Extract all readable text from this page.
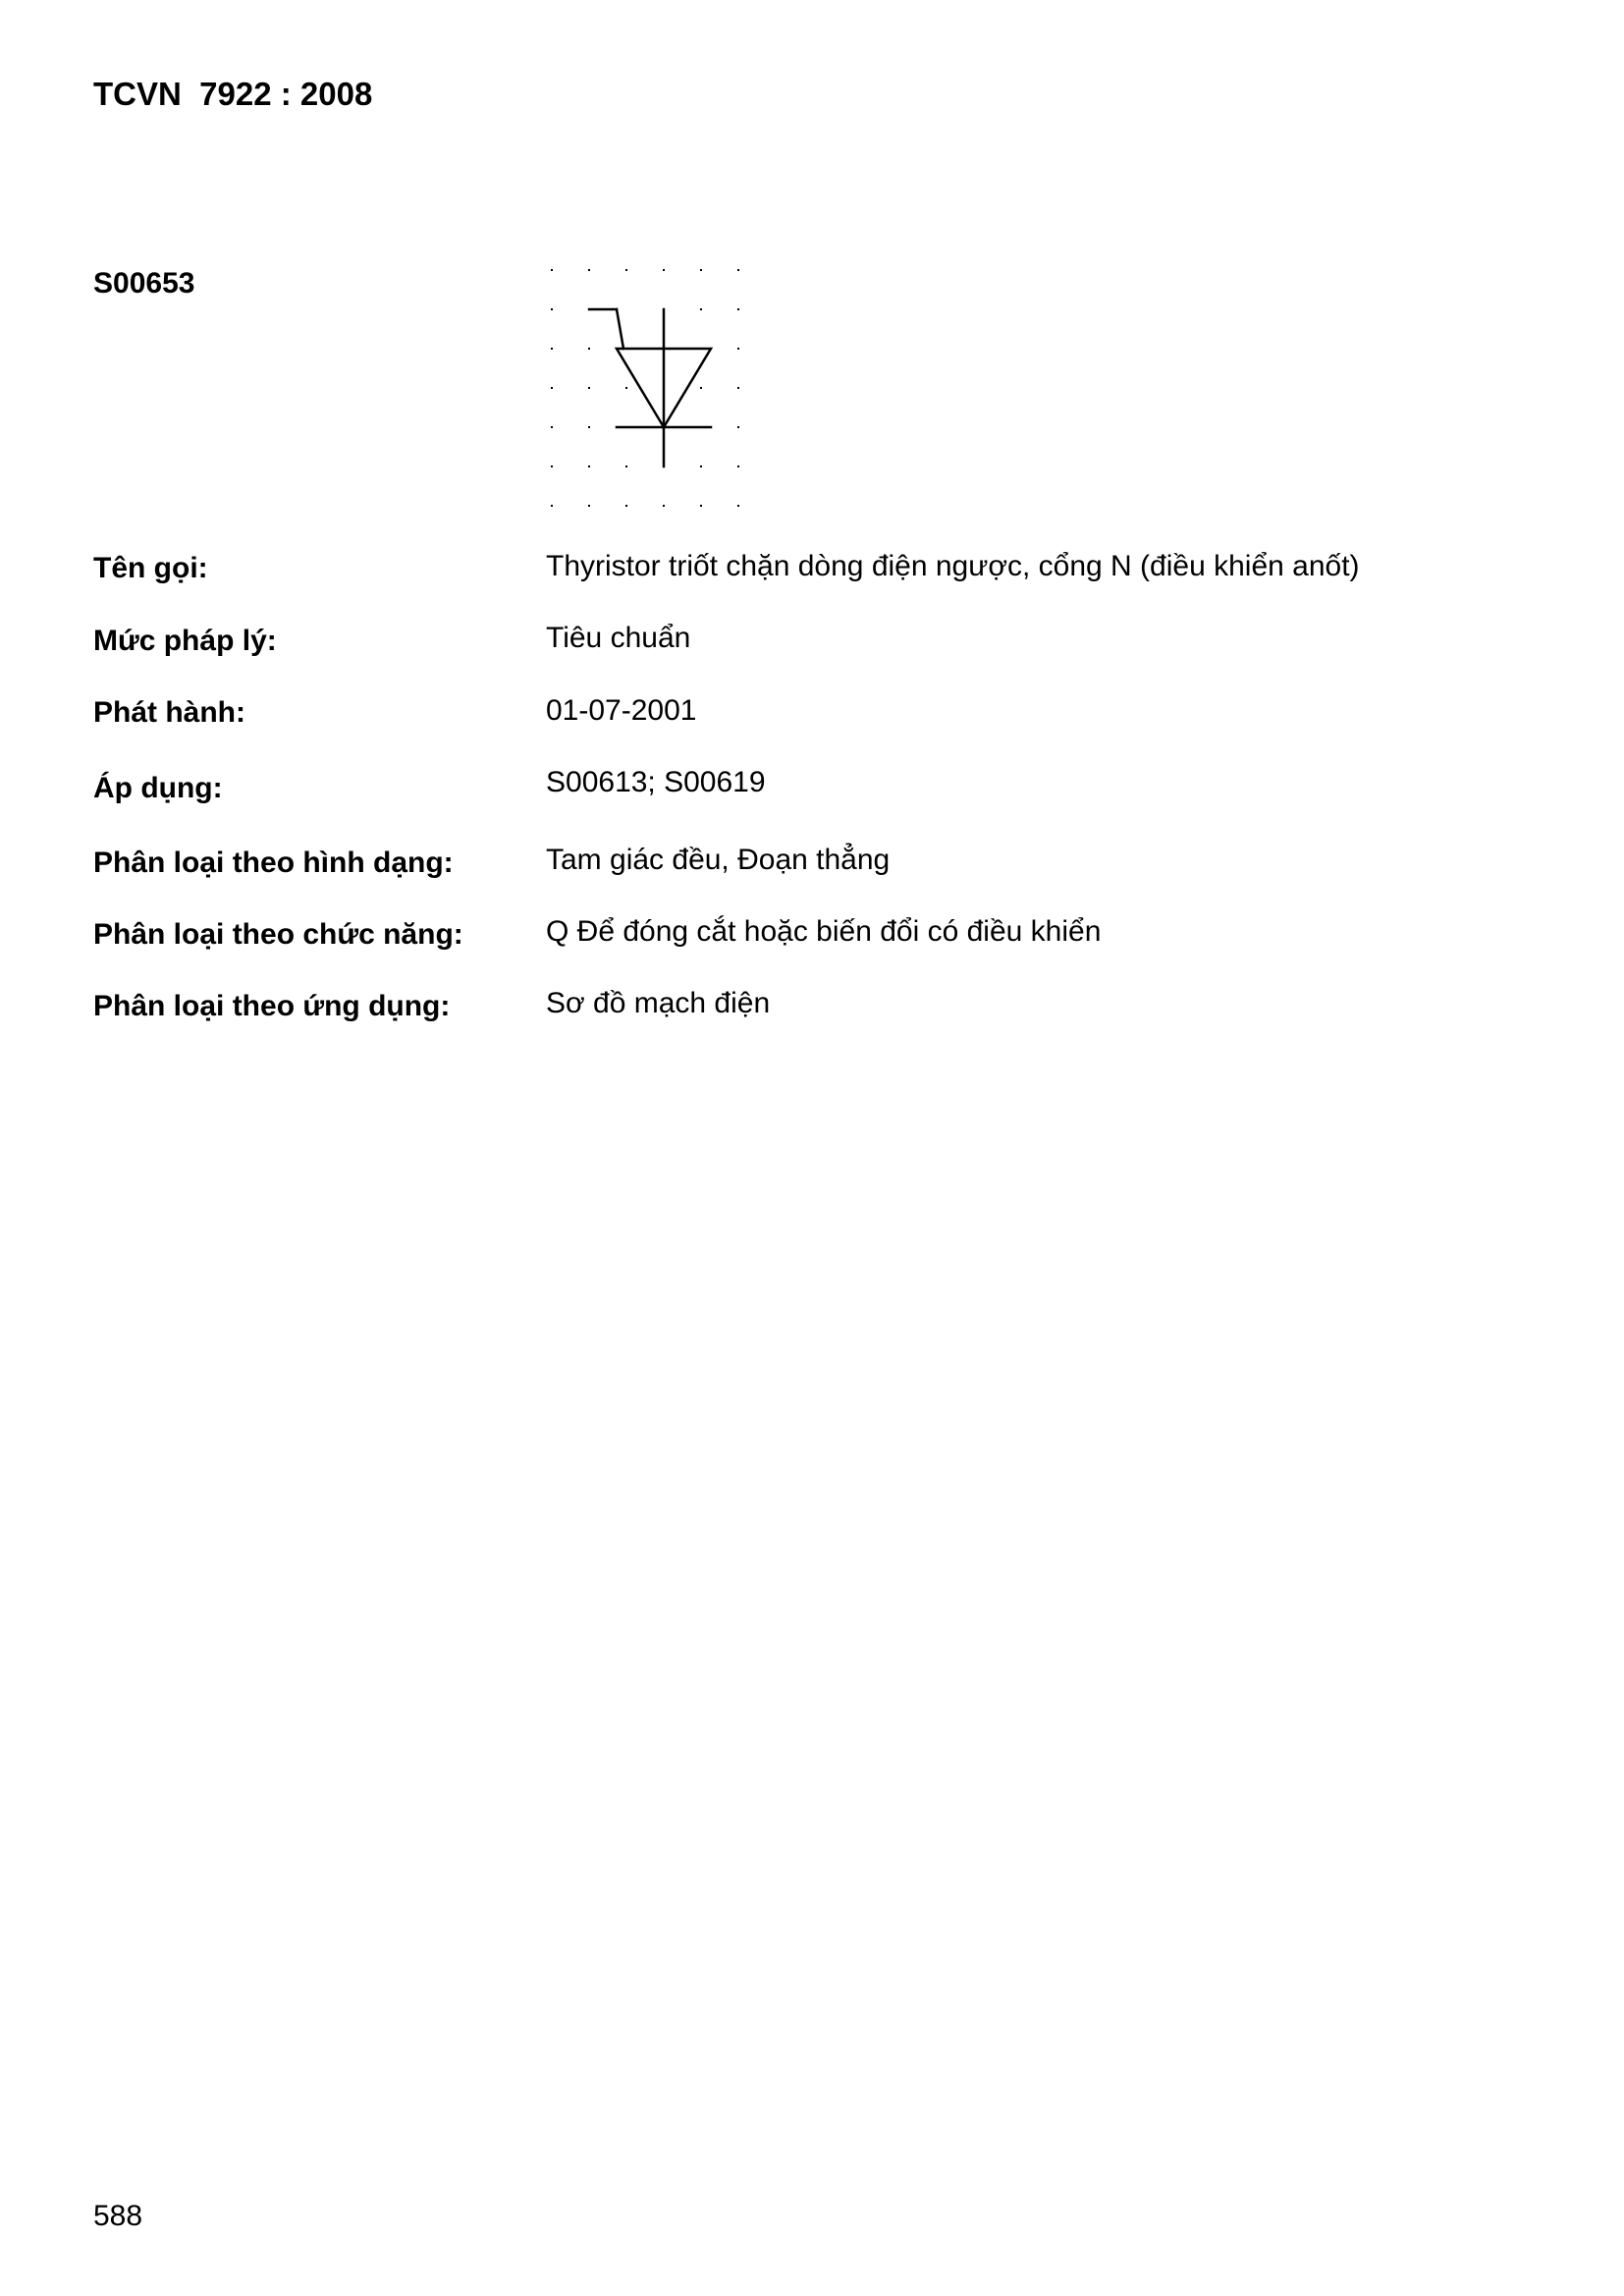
TCVN  7922 : 2008
S00653
Tên gọi:	Thyristor triốt chặn dòng điện ngược, cổng N (điều khiển anốt)
Mức pháp lý:	Tiêu chuẩn
Phát hành:	01-07-2001
Áp dụng:	S00613; S00619
Phân loại theo hình dạng:	Tam giác đều, Đoạn thẳng
Phân loại theo chức năng:	Q Để đóng cắt hoặc biến đổi có điều khiển
Phân loại theo ứng dụng:	Sơ đồ mạch điện
588
